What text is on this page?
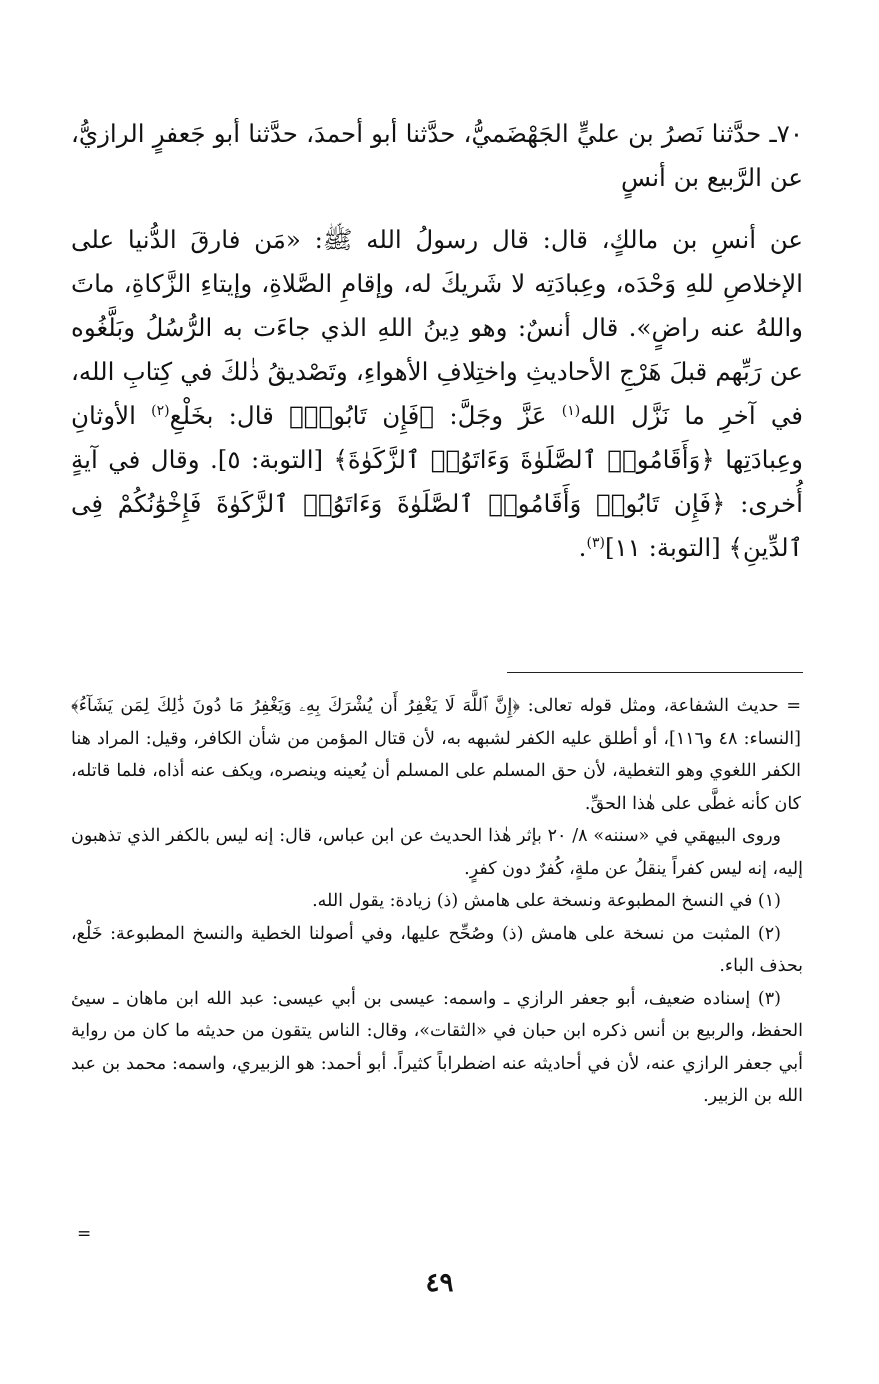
٧٠ـ حدَّثنا نَصرُ بن عليٍّ الجَهْضَميُّ، حدَّثنا أبو أحمدَ، حدَّثنا أبو جَعفرٍ الرازيُّ، عن الرَّبيع بن أنسٍ

عن أنسِ بن مالكٍ، قال: قال رسولُ الله ﷺ: «مَن فارقَ الدُّنيا على الإخلاصِ للهِ وَحْدَه، وعِبادَتِه لا شَريكَ له، وإقامِ الصَّلاةِ، وإيتاءِ الزَّكاةِ، ماتَ واللهُ عنه راضٍ». قال أنسٌ: وهو دِينُ اللهِ الذي جاءَت به الرُّسُلُ وبَلَّغُوه عن رَبِّهم قبلَ هَرْجِ الأحاديثِ واختِلافِ الأهواءِ، وتَصْديقُ ذٰلكَ في كِتابِ الله، في آخرِ ما نَزَّل الله$^{(١)}$ عَزَّ وجَلَّ: ﴿فَإِن تَابُوا۟﴾ قال: بخَلْعِ$^{(٢)}$ الأوثانِ وعِبادَتِها ﴿وَأَقَامُوا۟ ٱلصَّلَوٰةَ وَءَاتَوُا۟ ٱلزَّكَوٰةَ﴾ [التوبة: ٥]. وقال في آيةٍ أُخرى: ﴿فَإِن تَابُوا۟ وَأَقَامُوا۟ ٱلصَّلَوٰةَ وَءَاتَوُا۟ ٱلزَّكَوٰةَ فَإِخْوَٰنُكُمْ فِى ٱلدِّينِ﴾ [التوبة: ١١]$^{(٣)}$.

= حديث الشفاعة، ومثل قوله تعالى: ﴿إِنَّ ٱللَّهَ لَا يَغْفِرُ أَن يُشْرَكَ بِهِۦ وَيَغْفِرُ مَا دُونَ ذَٰلِكَ لِمَن يَشَآءُ﴾ [النساء: ٤٨ و١١٦]، أو أطلق عليه الكفر لشبهه به، لأن قتال المؤمن من شأن الكافر، وقيل: المراد هنا الكفر اللغوي وهو التغطية، لأن حق المسلم على المسلم أن يُعينه وينصره، ويكف عنه أذاه، فلما قاتله، كان كأنه غطَّى على هٰذا الحقِّ.

وروى البيهقي في «سننه» ٨/ ٢٠ بإثر هٰذا الحديث عن ابن عباس، قال: إنه ليس بالكفر الذي تذهبون إليه، إنه ليس كفراً ينقلُ عن ملةٍ، كُفرٌ دون كفرٍ.

(١) في النسخ المطبوعة ونسخة على هامش (ذ) زيادة: يقول الله.

(٢) المثبت من نسخة على هامش (ذ) وصُحِّح عليها، وفي أصولنا الخطية والنسخ المطبوعة: خَلْع، بحذف الباء.

(٣) إسناده ضعيف، أبو جعفر الرازي ـ واسمه: عيسى بن أبي عيسى: عبد الله ابن ماهان ـ سيئ الحفظ، والربيع بن أنس ذكره ابن حبان في «الثقات»، وقال: الناس يتقون من حديثه ما كان من رواية أبي جعفر الرازي عنه، لأن في أحاديثه عنه اضطراباً كثيراً. أبو أحمد: هو الزبيري، واسمه: محمد بن عبد الله بن الزبير.

=
٤٩
